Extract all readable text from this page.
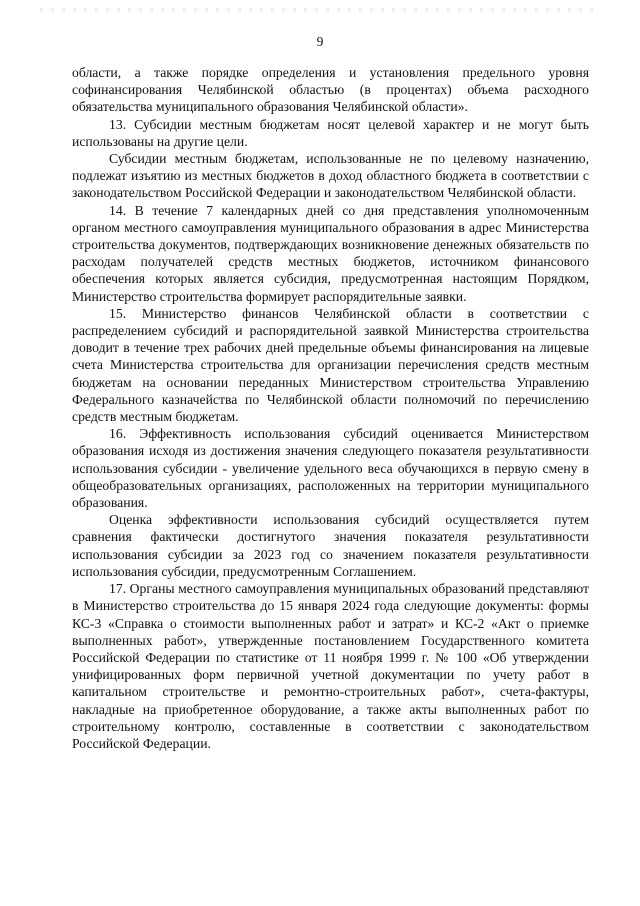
9

области, а также порядке определения и установления предельного уровня софинансирования Челябинской областью (в процентах) объема расходного обязательства муниципального образования Челябинской области».

13. Субсидии местным бюджетам носят целевой характер и не могут быть использованы на другие цели.

Субсидии местным бюджетам, использованные не по целевому назначению, подлежат изъятию из местных бюджетов в доход областного бюджета в соответствии с законодательством Российской Федерации и законодательством Челябинской области.

14. В течение 7 календарных дней со дня представления уполномоченным органом местного самоуправления муниципального образования в адрес Министерства строительства документов, подтверждающих возникновение денежных обязательств по расходам получателей средств местных бюджетов, источником финансового обеспечения которых является субсидия, предусмотренная настоящим Порядком, Министерство строительства формирует распорядительные заявки.

15. Министерство финансов Челябинской области в соответствии с распределением субсидий и распорядительной заявкой Министерства строительства доводит в течение трех рабочих дней предельные объемы финансирования на лицевые счета Министерства строительства для организации перечисления средств местным бюджетам на основании переданных Министерством строительства Управлению Федерального казначейства по Челябинской области полномочий по перечислению средств местным бюджетам.

16. Эффективность использования субсидий оценивается Министерством образования исходя из достижения значения следующего показателя результативности использования субсидии - увеличение удельного веса обучающихся в первую смену в общеобразовательных организациях, расположенных на территории муниципального образования.

Оценка эффективности использования субсидий осуществляется путем сравнения фактически достигнутого значения показателя результативности использования субсидии за 2023 год со значением показателя результативности использования субсидии, предусмотренным Соглашением.

17. Органы местного самоуправления муниципальных образований представляют в Министерство строительства до 15 января 2024 года следующие документы: формы КС-3 «Справка о стоимости выполненных работ и затрат» и КС-2 «Акт о приемке выполненных работ», утвержденные постановлением Государственного комитета Российской Федерации по статистике от 11 ноября 1999 г. № 100 «Об утверждении унифицированных форм первичной учетной документации по учету работ в капитальном строительстве и ремонтно-строительных работ», счета-фактуры, накладные на приобретенное оборудование, а также акты выполненных работ по строительному контролю, составленные в соответствии с законодательством Российской Федерации.
